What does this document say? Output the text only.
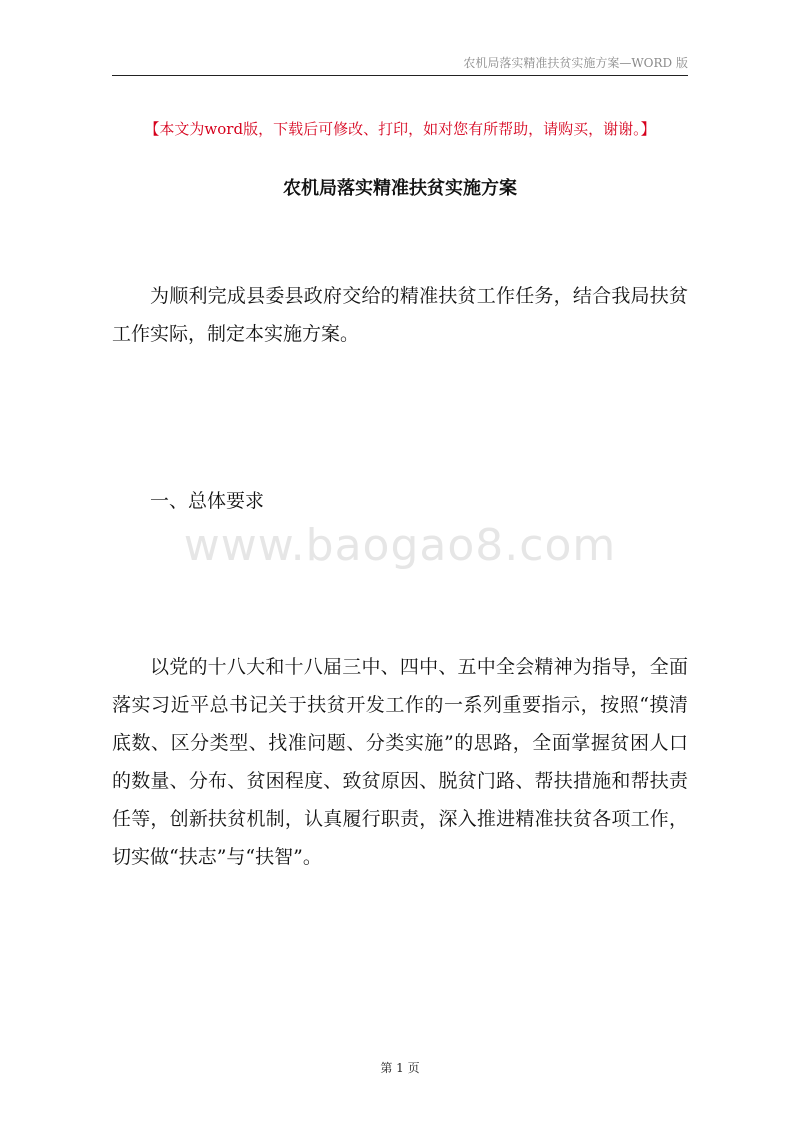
农机局落实精准扶贫实施方案—WORD 版
【本文为word版，下载后可修改、打印，如对您有所帮助，请购买，谢谢。】
农机局落实精准扶贫实施方案

为顺利完成县委县政府交给的精准扶贫工作任务，结合我局扶贫工作实际，制定本实施方案。

一、总体要求
www.baogao8.com

以党的十八大和十八届三中、四中、五中全会精神为指导，全面落实习近平总书记关于扶贫开发工作的一系列重要指示，按照“摸清底数、区分类型、找准问题、分类实施”的思路，全面掌握贫困人口的数量、分布、贫困程度、致贫原因、脱贫门路、帮扶措施和帮扶责任等，创新扶贫机制，认真履行职责，深入推进精准扶贫各项工作，切实做“扶志”与“扶智”。

第 1 页
